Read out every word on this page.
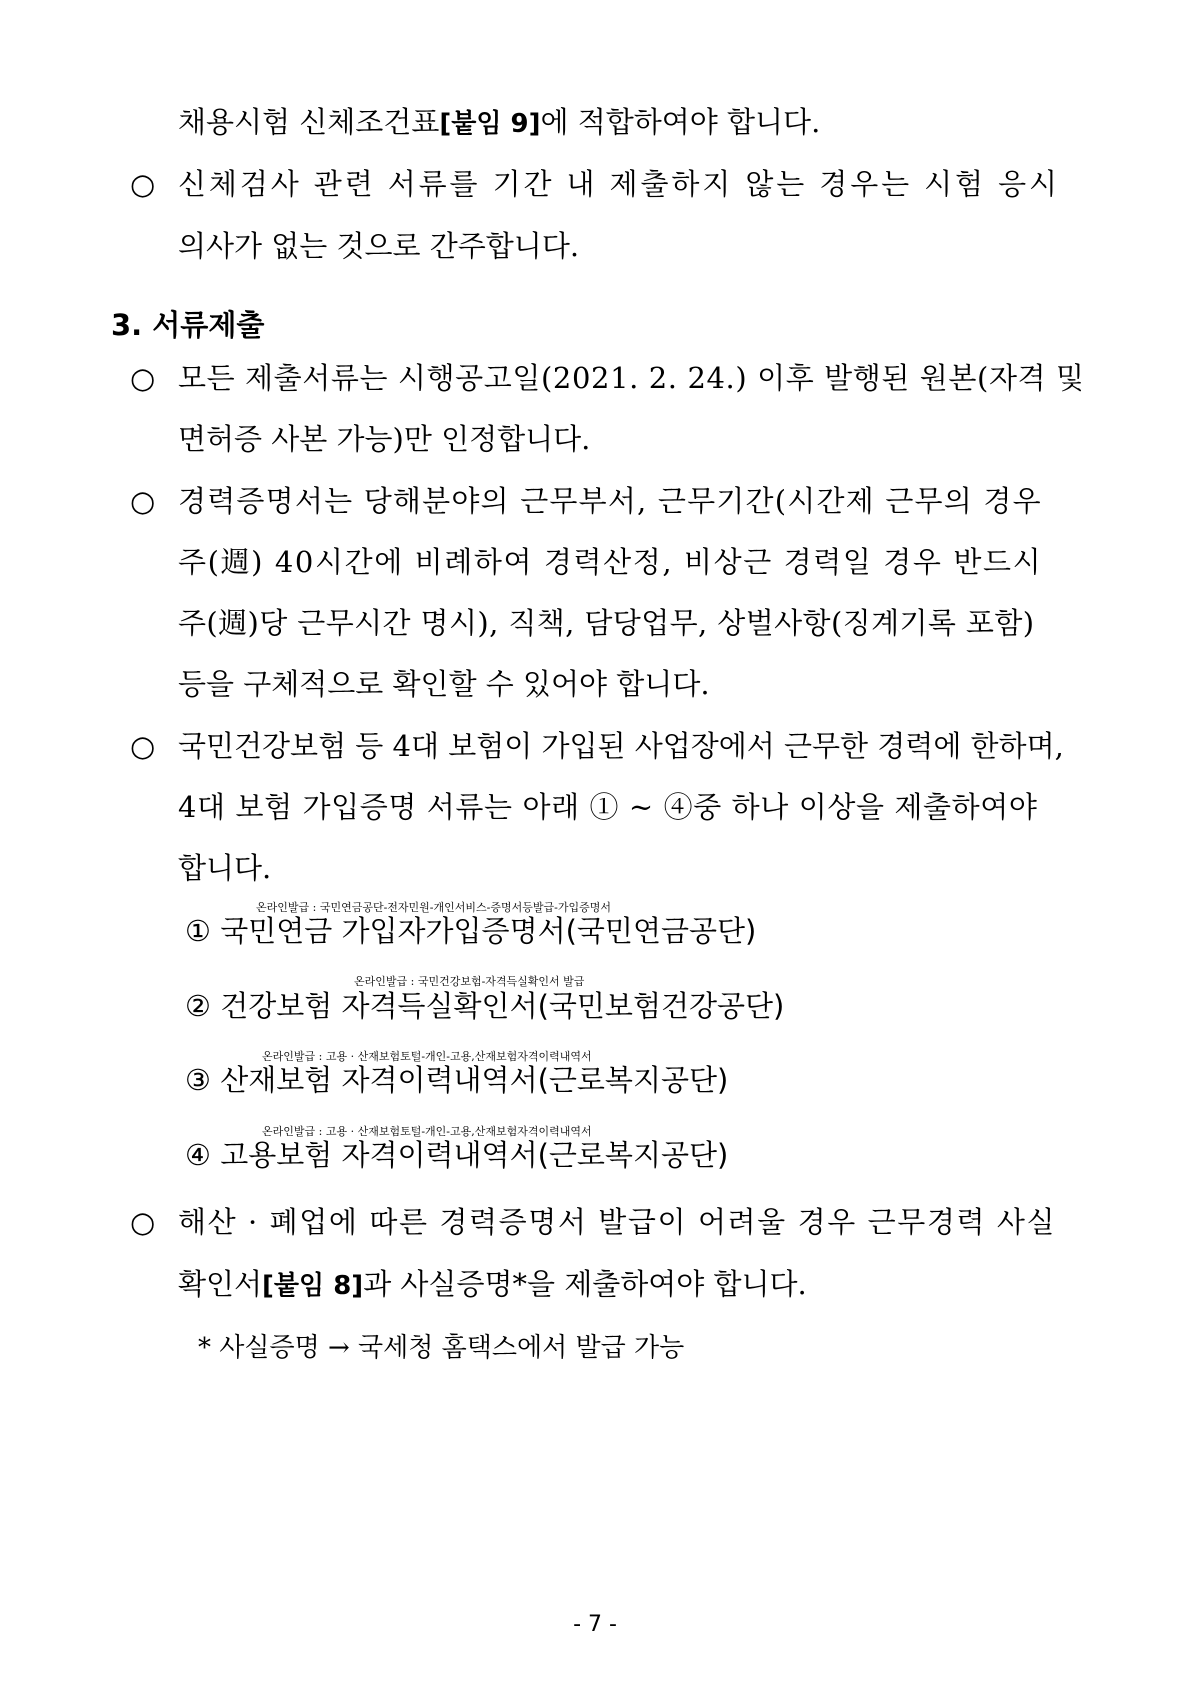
채용시험 신체조건표[붙임 9]에 적합하여야 합니다.
○ 신체검사 관련 서류를 기간 내 제출하지 않는 경우는 시험 응시
의사가 없는 것으로 간주합니다.
3. 서류제출
○ 모든 제출서류는 시행공고일(2021. 2. 24.) 이후 발행된 원본(자격 및
면허증 사본 가능)만 인정합니다.
○ 경력증명서는 당해분야의 근무부서, 근무기간(시간제 근무의 경우
주(週) 40시간에 비례하여 경력산정, 비상근 경력일 경우 반드시
주(週)당 근무시간 명시), 직책, 담당업무, 상벌사항(징계기록 포함)
등을 구체적으로 확인할 수 있어야 합니다.
○ 국민건강보험 등 4대 보험이 가입된 사업장에서 근무한 경력에 한하며,
4대 보험 가입증명 서류는 아래 ① ~ ④중 하나 이상을 제출하여야
합니다.
온라인발급 : 국민연금공단-전자민원-개인서비스-증명서등발급-가입증명서
① 국민연금 가입자가입증명서(국민연금공단)
온라인발급 : 국민건강보험-자격득실확인서 발급
② 건강보험 자격득실확인서(국민보험건강공단)
온라인발급 : 고용 · 산재보험토털-개인-고용,산재보험자격이력내역서
③ 산재보험 자격이력내역서(근로복지공단)
온라인발급 : 고용 · 산재보험토털-개인-고용,산재보험자격이력내역서
④ 고용보험 자격이력내역서(근로복지공단)
○ 해산 · 폐업에 따른 경력증명서 발급이 어려울 경우 근무경력 사실
확인서[붙임 8]과 사실증명*을 제출하여야 합니다.
* 사실증명 → 국세청 홈택스에서 발급 가능
- 7 -
